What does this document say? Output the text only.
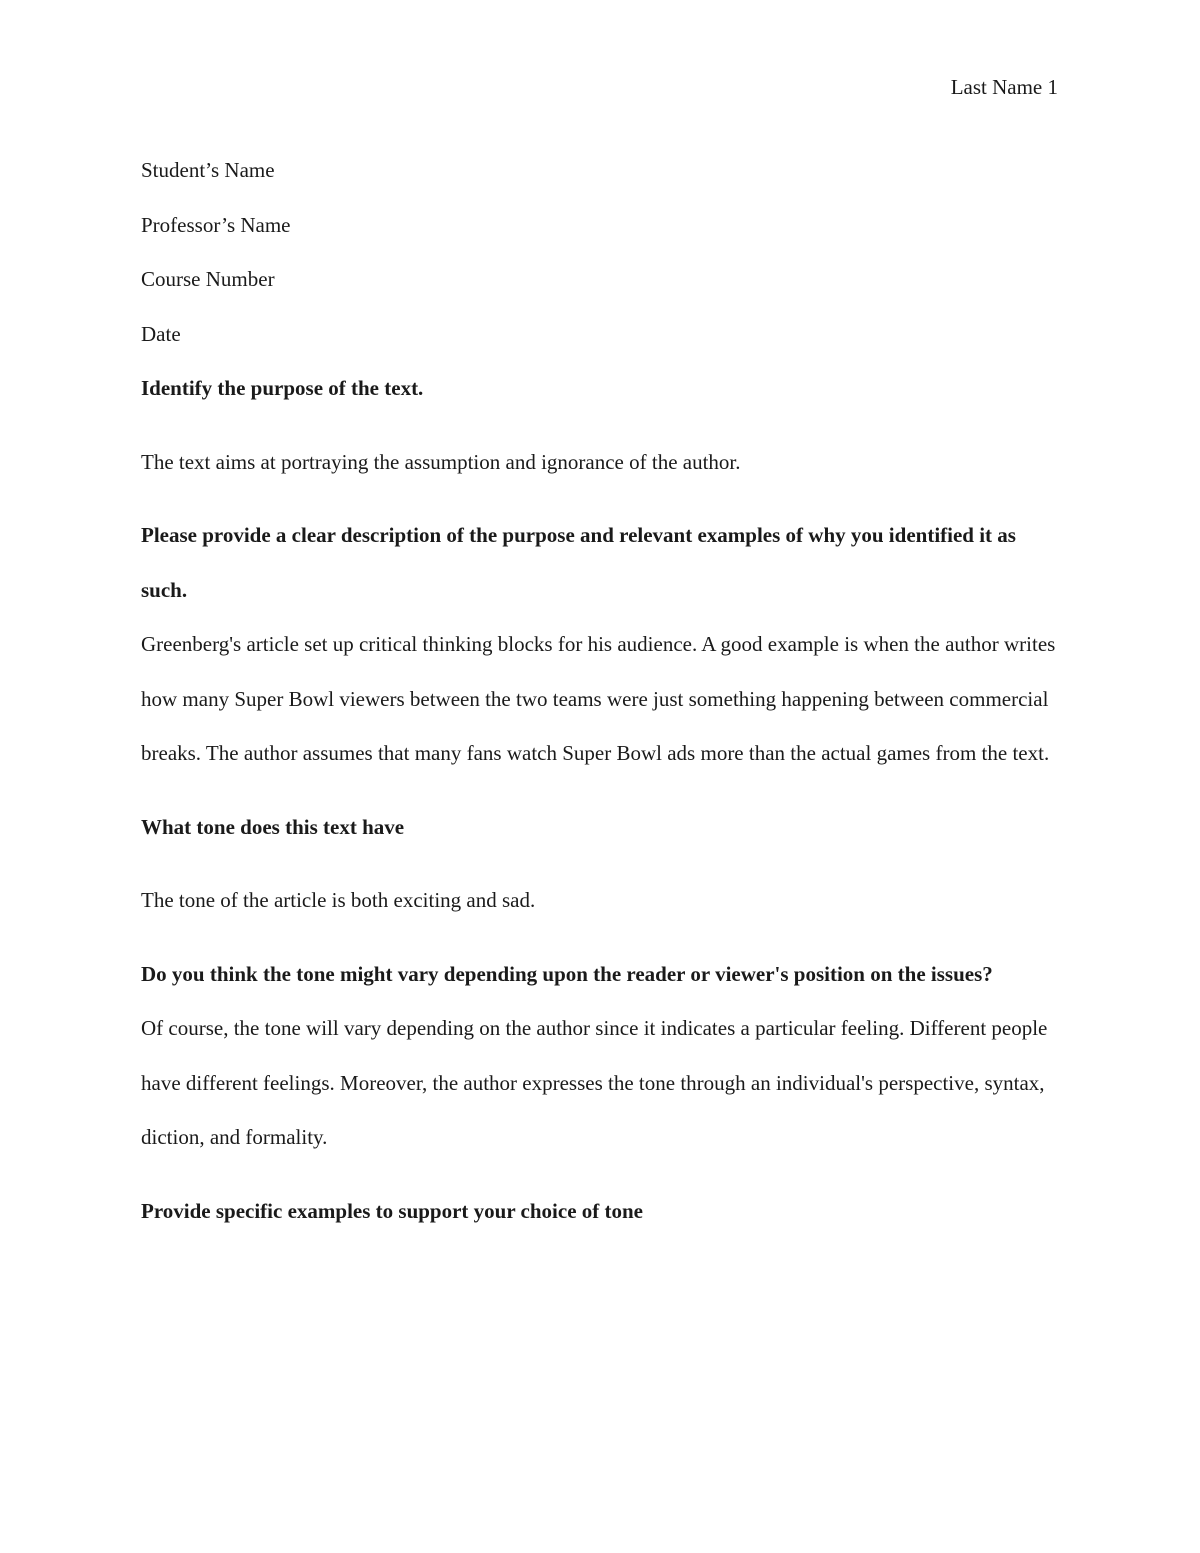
Last Name 1

Student’s Name

Professor’s Name

Course Number

Date

Identify the purpose of the text.

The text aims at portraying the assumption and ignorance of the author.

Please provide a clear description of the purpose and relevant examples of why you identified it as such.

Greenberg's article set up critical thinking blocks for his audience. A good example is when the author writes how many Super Bowl viewers between the two teams were just something happening between commercial breaks. The author assumes that many fans watch Super Bowl ads more than the actual games from the text.

What tone does this text have

The tone of the article is both exciting and sad.

Do you think the tone might vary depending upon the reader or viewer's position on the issues?

Of course, the tone will vary depending on the author since it indicates a particular feeling. Different people have different feelings. Moreover, the author expresses the tone through an individual's perspective, syntax, diction, and formality.

Provide specific examples to support your choice of tone
